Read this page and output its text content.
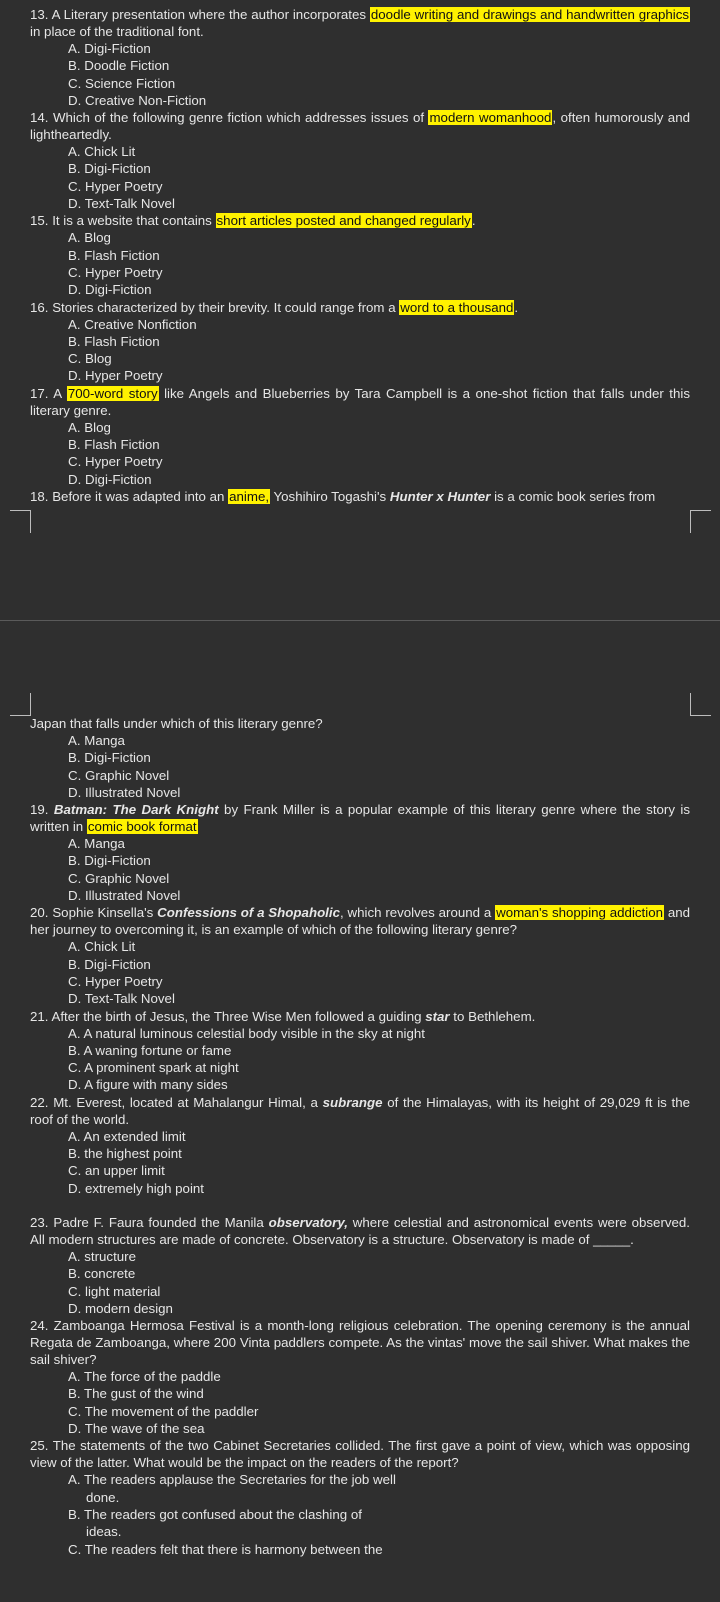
13. A Literary presentation where the author incorporates doodle writing and drawings and handwritten graphics in place of the traditional font.
A. Digi-Fiction
B. Doodle Fiction
C. Science Fiction
D. Creative Non-Fiction
14. Which of the following genre fiction which addresses issues of modern womanhood, often humorously and lightheartedly.
A. Chick Lit
B. Digi-Fiction
C. Hyper Poetry
D. Text-Talk Novel
15. It is a website that contains short articles posted and changed regularly.
A. Blog
B. Flash Fiction
C. Hyper Poetry
D. Digi-Fiction
16. Stories characterized by their brevity. It could range from a word to a thousand.
A. Creative Nonfiction
B. Flash Fiction
C. Blog
D. Hyper Poetry
17. A 700-word story like Angels and Blueberries by Tara Campbell is a one-shot fiction that falls under this literary genre.
A. Blog
B. Flash Fiction
C. Hyper Poetry
D. Digi-Fiction
18. Before it was adapted into an anime, Yoshihiro Togashi's Hunter x Hunter is a comic book series from
Japan that falls under which of this literary genre?
A. Manga
B. Digi-Fiction
C. Graphic Novel
D. Illustrated Novel
19. Batman: The Dark Knight by Frank Miller is a popular example of this literary genre where the story is written in comic book format
A. Manga
B. Digi-Fiction
C. Graphic Novel
D. Illustrated Novel
20. Sophie Kinsella's Confessions of a Shopaholic, which revolves around a woman's shopping addiction and her journey to overcoming it, is an example of which of the following literary genre?
A. Chick Lit
B. Digi-Fiction
C. Hyper Poetry
D. Text-Talk Novel
21. After the birth of Jesus, the Three Wise Men followed a guiding star to Bethlehem.
A. A natural luminous celestial body visible in the sky at night
B. A waning fortune or fame
C. A prominent spark at night
D. A figure with many sides
22. Mt. Everest, located at Mahalangur Himal, a subrange of the Himalayas, with its height of 29,029 ft is the roof of the world.
A. An extended limit
B. the highest point
C. an upper limit
D. extremely high point
23. Padre F. Faura founded the Manila observatory, where celestial and astronomical events were observed. All modern structures are made of concrete. Observatory is a structure. Observatory is made of _____.
A. structure
B. concrete
C. light material
D. modern design
24. Zamboanga Hermosa Festival is a month-long religious celebration. The opening ceremony is the annual Regata de Zamboanga, where 200 Vinta paddlers compete. As the vintas' move the sail shiver. What makes the sail shiver?
A. The force of the paddle
B. The gust of the wind
C. The movement of the paddler
D. The wave of the sea
25. The statements of the two Cabinet Secretaries collided. The first gave a point of view, which was opposing view of the latter. What would be the impact on the readers of the report?
A. The readers applause the Secretaries for the job well
done.
B. The readers got confused about the clashing of
ideas.
C. The readers felt that there is harmony between the
